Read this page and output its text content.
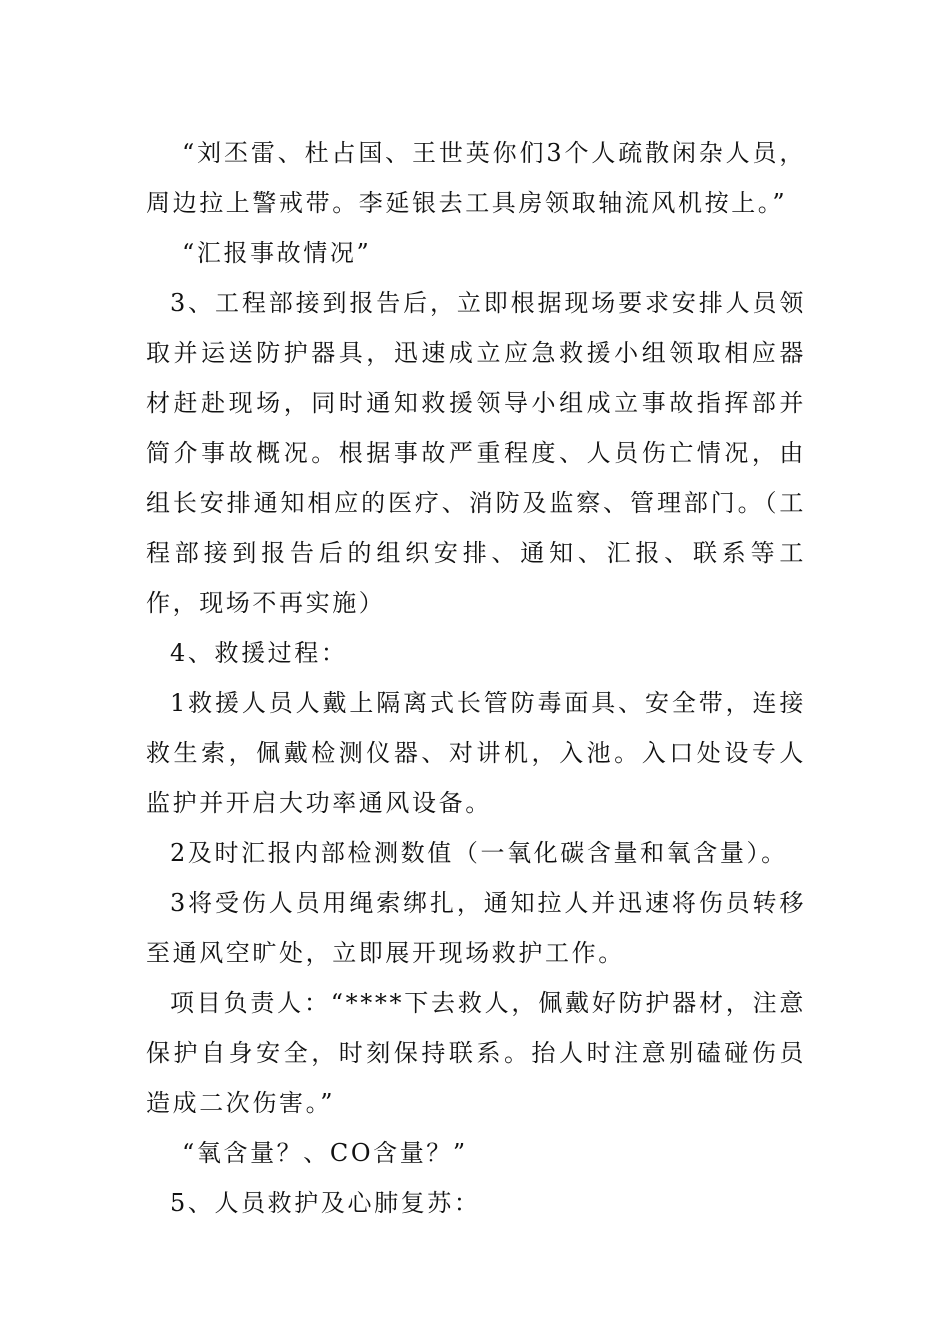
“刘丕雷、杜占国、王世英你们3个人疏散闲杂人员，周边拉上警戒带。李延银去工具房领取轴流风机按上。”

“汇报事故情况”

3、工程部接到报告后，立即根据现场要求安排人员领取并运送防护器具，迅速成立应急救援小组领取相应器材赶赴现场，同时通知救援领导小组成立事故指挥部并简介事故概况。根据事故严重程度、人员伤亡情况，由组长安排通知相应的医疗、消防及监察、管理部门。（工程部接到报告后的组织安排、通知、汇报、联系等工作，现场不再实施）

4、救援过程：

1救援人员人戴上隔离式长管防毒面具、安全带，连接救生索，佩戴检测仪器、对讲机，入池。入口处设专人监护并开启大功率通风设备。

2及时汇报内部检测数值（一氧化碳含量和氧含量）。

3将受伤人员用绳索绑扎，通知拉人并迅速将伤员转移至通风空旷处，立即展开现场救护工作。

项目负责人：“****下去救人，佩戴好防护器材，注意保护自身安全，时刻保持联系。抬人时注意别磕碰伤员造成二次伤害。”

“氧含量？、CO含量？”

5、人员救护及心肺复苏：
